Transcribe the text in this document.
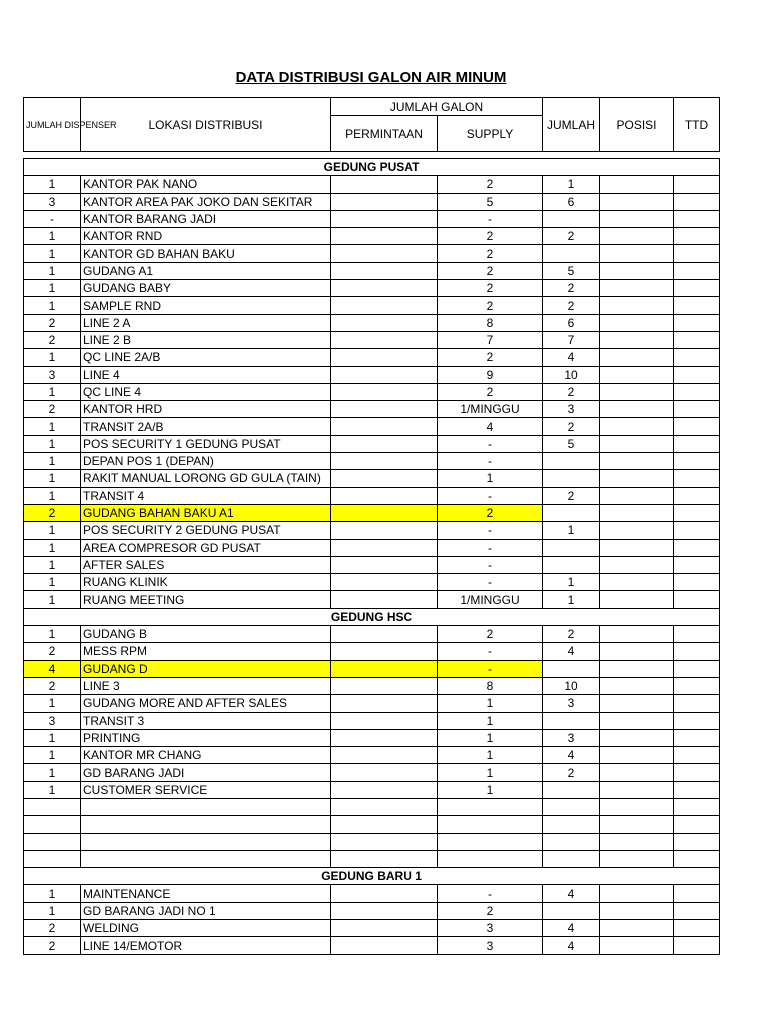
DATA DISTRIBUSI GALON AIR MINUM
JUMLAH DISPENSER	LOKASI DISTRIBUSI	JUMLAH GALON		JUMLAH	POSISI	TTD
		PERMINTAAN	SUPPLY			
GEDUNG PUSAT						
1	KANTOR PAK NANO		2	1		
3	KANTOR AREA PAK JOKO DAN SEKITAR		5	6		
-	KANTOR BARANG JADI		-			
1	KANTOR RND		2	2		
1	KANTOR GD BAHAN BAKU		2			
1	GUDANG A1		2	5		
1	GUDANG BABY		2	2		
1	SAMPLE RND		2	2		
2	LINE 2 A		8	6		
2	LINE 2 B		7	7		
1	QC LINE 2A/B		2	4		
3	LINE 4		9	10		
1	QC LINE 4		2	2		
2	KANTOR HRD		1/MINGGU	3		
1	TRANSIT 2A/B		4	2		
1	POS SECURITY 1 GEDUNG PUSAT		-	5		
1	DEPAN POS 1 (DEPAN)		-			
1	RAKIT MANUAL LORONG GD GULA (TAIN)		1			
1	TRANSIT 4		-	2		
2	GUDANG BAHAN BAKU A1		2			
1	POS SECURITY 2 GEDUNG PUSAT		-	1		
1	AREA COMPRESOR GD PUSAT		-			
1	AFTER SALES		-			
1	RUANG KLINIK		-	1		
1	RUANG MEETING		1/MINGGU	1		
GEDUNG HSC						
1	GUDANG B		2	2		
2	MESS RPM		-	4		
4	GUDANG D		-			
2	LINE 3		8	10		
1	GUDANG MORE AND AFTER SALES		1	3		
3	TRANSIT 3		1			
1	PRINTING		1	3		
1	KANTOR MR CHANG		1	4		
1	GD BARANG JADI		1	2		
1	CUSTOMER SERVICE		1			

GEDUNG BARU 1						
1	MAINTENANCE		-	4		
1	GD BARANG JADI NO 1		2			
2	WELDING		3	4		
2	LINE 14/EMOTOR		3	4		
